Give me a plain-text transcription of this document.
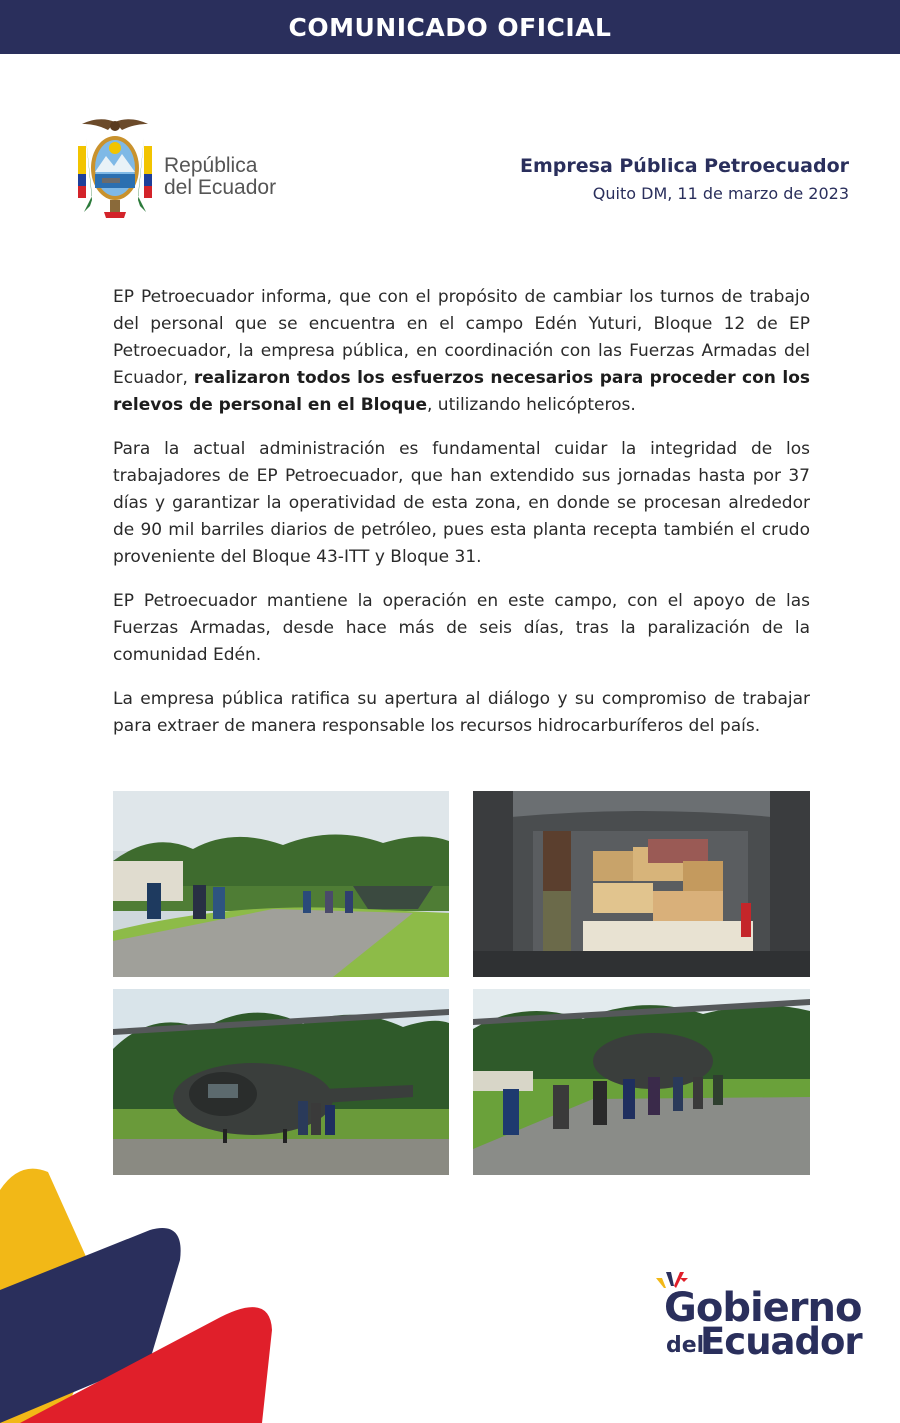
COMUNICADO OFICIAL
República
del Ecuador
Empresa Pública Petroecuador
Quito DM, 11 de marzo de 2023

EP Petroecuador informa, que con el propósito de cambiar los turnos de trabajo del personal que se encuentra en el campo Edén Yuturi, Bloque 12 de EP Petroecuador, la empresa pública, en coordinación con las Fuerzas Armadas del Ecuador, realizaron todos los esfuerzos necesarios para proceder con los relevos de personal en el Bloque, utilizando helicópteros.

Para la actual administración es fundamental cuidar la integridad de los trabajadores de EP Petroecuador, que han extendido sus jornadas hasta por 37 días y garantizar la operatividad de esta zona, en donde se procesan alrededor de 90 mil barriles diarios de petróleo, pues esta planta recepta también el crudo proveniente del Bloque 43-ITT y Bloque 31.

EP Petroecuador mantiene la operación en este campo, con el apoyo de las Fuerzas Armadas, desde hace más de seis días, tras la paralización de la comunidad Edén.

La empresa pública ratifica su apertura al diálogo y su compromiso de trabajar para extraer de manera responsable los recursos hidrocarburíferos del país.

Gobierno
del
Ecuador
